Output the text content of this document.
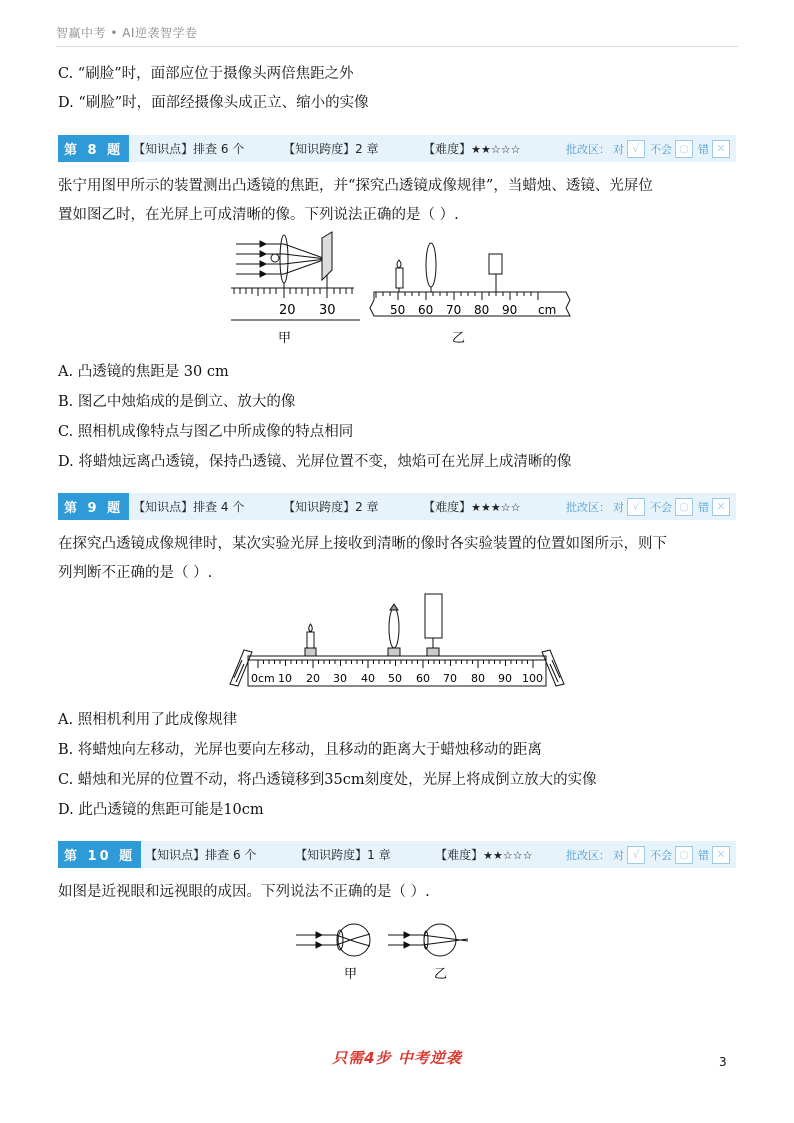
智赢中考 • AI逆袭智学卷
C. “刷脸”时，面部应位于摄像头两倍焦距之外
D. “刷脸”时，面部经摄像头成正立、缩小的实像
第 8 题 【知识点】排查 6 个	【知识跨度】2 章	【难度】★★☆☆☆	批改区： 对 √ 不会 ○ 错 ✕
张宁用图甲所示的装置测出凸透镜的焦距，并“探究凸透镜成像规律”，当蜡烛、透镜、光屏位
置如图乙时，在光屏上可成清晰的像。下列说法正确的是（ ）.
20 30
甲
50 60 70 80 90 cm
乙
A. 凸透镜的焦距是 30 cm
B. 图乙中烛焰成的是倒立、放大的像
C. 照相机成像特点与图乙中所成像的特点相同
D. 将蜡烛远离凸透镜，保持凸透镜、光屏位置不变，烛焰可在光屏上成清晰的像
第 9 题 【知识点】排查 4 个	【知识跨度】2 章	【难度】★★★☆☆	批改区： 对 √ 不会 ○ 错 ✕
在探究凸透镜成像规律时，某次实验光屏上接收到清晰的像时各实验装置的位置如图所示，则下
列判断不正确的是（ ）.
0cm 10 20 30 40 50 60 70 80 90 100
A. 照相机利用了此成像规律
B. 将蜡烛向左移动，光屏也要向左移动，且移动的距离大于蜡烛移动的距离
C. 蜡烛和光屏的位置不动，将凸透镜移到35cm刻度处，光屏上将成倒立放大的实像
D. 此凸透镜的焦距可能是10cm
第 10 题 【知识点】排查 6 个	【知识跨度】1 章	【难度】★★☆☆☆	批改区： 对 √ 不会 ○ 错 ✕
如图是近视眼和远视眼的成因。下列说法不正确的是（ ）.
甲	乙
只需4步 中考逆袭	3
